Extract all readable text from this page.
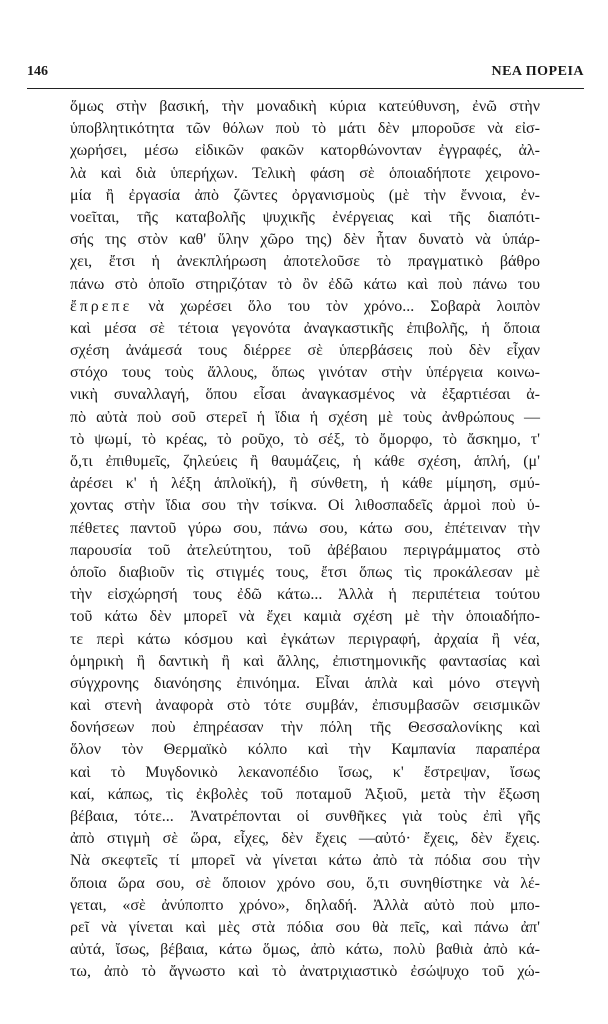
146	ΝΕΑ ΠΟΡΕΙΑ
ὅμως στὴν βασική, τὴν μοναδικὴ κύρια κατεύθυνση, ἐνῶ στὴν
ὑποβλητικότητα τῶν θόλων ποὺ τὸ μάτι δὲν μποροῦσε νὰ εἰσ-
χωρήσει, μέσω εἰδικῶν φακῶν κατορθώνονταν ἐγγραφές, ἀλ-
λὰ καὶ διὰ ὑπερήχων. Τελικὴ φάση σὲ ὁποιαδήποτε χειρονο-
μία ἢ ἐργασία ἀπὸ ζῶντες ὀργανισμοὺς (μὲ τὴν ἔννοια, ἐν-
νοεῖται, τῆς καταβολῆς ψυχικῆς ἐνέργειας καὶ τῆς διαπότι-
σής της στὸν καθ' ὕλην χῶρο της) δὲν ἦταν δυνατὸ νὰ ὑπάρ-
χει, ἔτσι ἡ ἀνεκπλήρωση ἀποτελοῦσε τὸ πραγματικὸ βάθρο
πάνω στὸ ὁποῖο στηριζόταν τὸ ὂν ἐδῶ κάτω καὶ ποὺ πάνω του
ἔπρεπε νὰ χωρέσει ὅλο του τὸν χρόνο... Σοβαρὰ λοιπὸν
καὶ μέσα σὲ τέτοια γεγονότα ἀναγκαστικῆς ἐπιβολῆς, ἡ ὅποια
σχέση ἀνάμεσά τους διέρρεε σὲ ὑπερβάσεις ποὺ δὲν εἶχαν
στόχο τους τοὺς ἄλλους, ὅπως γινόταν στὴν ὑπέργεια κοινω-
νικὴ συναλλαγή, ὅπου εἶσαι ἀναγκασμένος νὰ ἐξαρτιέσαι ἀ-
πὸ αὐτὰ ποὺ σοῦ στερεῖ ἡ ἴδια ἡ σχέση μὲ τοὺς ἀνθρώπους —
τὸ ψωμί, τὸ κρέας, τὸ ροῦχο, τὸ σέξ, τὸ ὄμορφο, τὸ ἄσκημο, τ'
ὅ,τι ἐπιθυμεῖς, ζηλεύεις ἢ θαυμάζεις, ἡ κάθε σχέση, ἁπλή, (μ'
ἀρέσει κ' ἡ λέξη ἁπλοϊκή), ἢ σύνθετη, ἡ κάθε μίμηση, σμύ-
χοντας στὴν ἴδια σου τὴν τσίκνα. Οἱ λιθοσπαδεῖς ἁρμοὶ ποὺ ὑ-
πέθετες παντοῦ γύρω σου, πάνω σου, κάτω σου, ἐπέτειναν τὴν
παρουσία τοῦ ἀτελεύτητου, τοῦ ἀβέβαιου περιγράμματος στὸ
ὁποῖο διαβιοῦν τὶς στιγμές τους, ἔτσι ὅπως τὶς προκάλεσαν μὲ
τὴν εἰσχώρησή τους ἐδῶ κάτω... Ἀλλὰ ἡ περιπέτεια τούτου
τοῦ κάτω δὲν μπορεῖ νὰ ἔχει καμιὰ σχέση μὲ τὴν ὁποιαδήπο-
τε περὶ κάτω κόσμου καὶ ἐγκάτων περιγραφή, ἀρχαία ἢ νέα,
ὁμηρικὴ ἢ δαντικὴ ἢ καὶ ἄλλης, ἐπιστημονικῆς φαντασίας καὶ
σύγχρονης διανόησης ἐπινόημα. Εἶναι ἁπλὰ καὶ μόνο στεγνὴ
καὶ στενὴ ἀναφορὰ στὸ τότε συμβάν, ἐπισυμβασῶν σεισμικῶν
δονήσεων ποὺ ἐπηρέασαν τὴν πόλη τῆς Θεσσαλονίκης καὶ
ὅλον τὸν Θερμαϊκὸ κόλπο καὶ τὴν Καμπανία παραπέρα
καὶ τὸ Μυγδονικὸ λεκανοπέδιο ἴσως, κ' ἔστρεψαν, ἴσως
καί, κάπως, τὶς ἐκβολὲς τοῦ ποταμοῦ Ἀξιοῦ, μετὰ τὴν ἔξωση
βέβαια, τότε... Ἀνατρέπονται οἱ συνθῆκες γιὰ τοὺς ἐπὶ γῆς
ἀπὸ στιγμὴ σὲ ὥρα, εἶχες, δὲν ἔχεις —αὐτό· ἔχεις, δὲν ἔχεις.
Νὰ σκεφτεῖς τί μπορεῖ νὰ γίνεται κάτω ἀπὸ τὰ πόδια σου τὴν
ὅποια ὥρα σου, σὲ ὅποιον χρόνο σου, ὅ,τι συνηθίστηκε νὰ λέ-
γεται, «σὲ ἀνύποπτο χρόνο», δηλαδή. Ἀλλὰ αὐτὸ ποὺ μπο-
ρεῖ νὰ γίνεται καὶ μὲς στὰ πόδια σου θὰ πεῖς, καὶ πάνω ἀπ'
αὐτά, ἴσως, βέβαια, κάτω ὅμως, ἀπὸ κάτω, πολὺ βαθιὰ ἀπὸ κά-
τω, ἀπὸ τὸ ἄγνωστο καὶ τὸ ἀνατριχιαστικὸ ἐσώψυχο τοῦ χώ-
